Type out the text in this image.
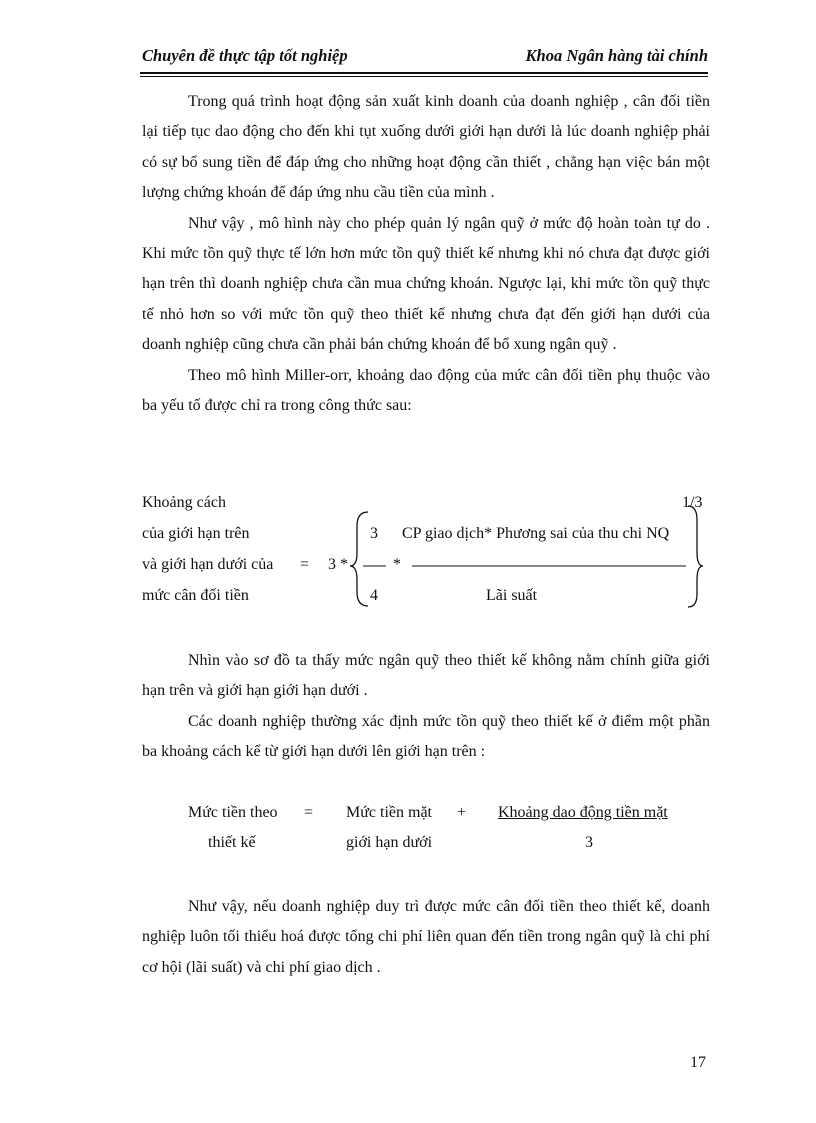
Chuyên đề thực tập tốt nghiệp	Khoa Ngân hàng tài chính

Trong quá trình hoạt động sản xuất kinh doanh của doanh nghiệp , cân đối tiền lại tiếp tục dao động cho đến khi tụt xuống dưới giới hạn dưới là lúc doanh nghiệp phải có sự bổ sung tiền để đáp ứng cho những hoạt động cần thiết , chẳng hạn việc bán một lượng chứng khoán để đáp ứng nhu cầu tiền của mình .

Như vậy , mô hình này cho phép quản lý ngân quỹ ở mức độ hoàn toàn tự do . Khi mức tồn quỹ thực tế lớn hơn mức tồn quỹ thiết kế nhưng khi nó chưa đạt được giới hạn trên thì doanh nghiệp chưa cần mua chứng khoán. Ngược lại, khi mức tồn quỹ thực tế nhỏ hơn so với mức tồn quỹ theo thiết kế nhưng chưa đạt đến giới hạn dưới của doanh nghiệp cũng chưa cần phải bán chứng khoán để bổ xung ngân quỹ .

Theo mô hình Miller-orr, khoảng dao động của mức cân đối tiền phụ thuộc vào ba yếu tố được chỉ ra trong công thức sau:

Khoảng cách
của giới hạn trên
và giới hạn dưới của
mức cân đối tiền
= 3 *
3
4
*
CP giao dịch* Phương sai của thu chi NQ
Lãi suất
1/3

Nhìn vào sơ đồ ta thấy mức ngân quỹ theo thiết kế không nằm chính giữa giới hạn trên và giới hạn giới hạn dưới .

Các doanh nghiệp thường xác định mức tồn quỹ theo thiết kế ở điểm một phần ba khoảng cách kể từ giới hạn dưới lên giới hạn trên :

Mức tiền theo
thiết kế
= Mức tiền mặt
giới hạn dưới
+ Khoảng dao động tiền mặt
3

Như vậy, nếu doanh nghiệp duy trì được mức cân đối tiền theo thiết kế, doanh nghiệp luôn tối thiểu hoá được tổng chi phí liên quan đến tiền trong ngân quỹ là chi phí cơ hội (lãi suất) và chi phí giao dịch .

17
